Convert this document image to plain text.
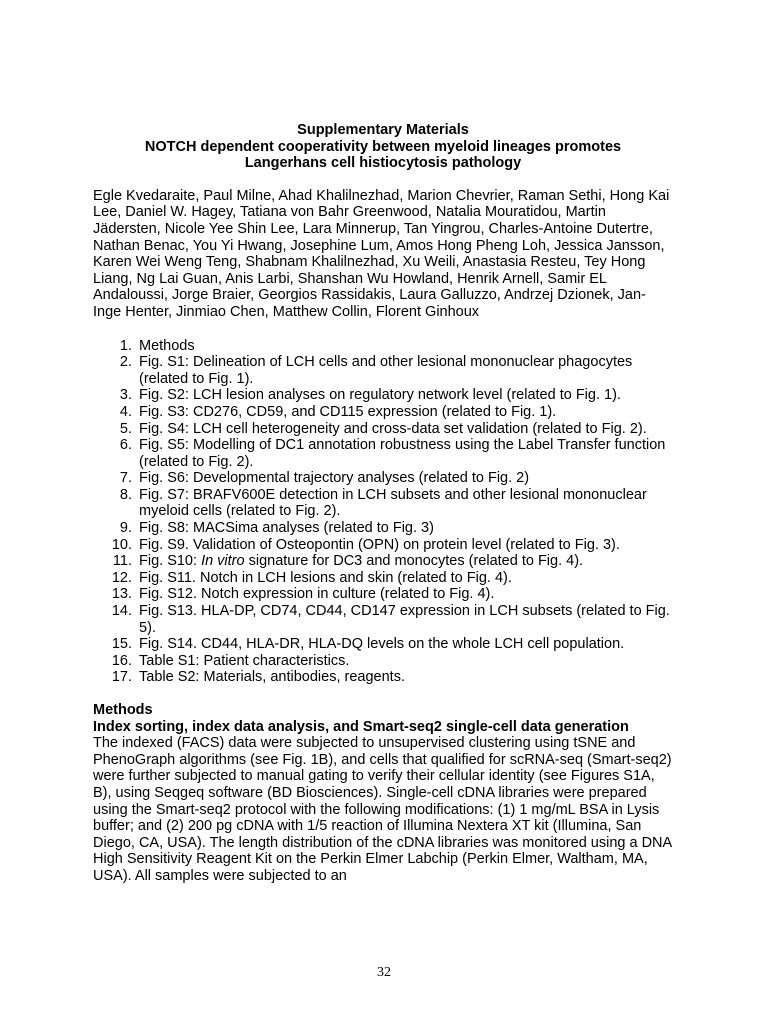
Supplementary Materials

NOTCH dependent cooperativity between myeloid lineages promotes

Langerhans cell histiocytosis pathology

Egle Kvedaraite, Paul Milne, Ahad Khalilnezhad, Marion Chevrier, Raman Sethi, Hong Kai Lee, Daniel W. Hagey, Tatiana von Bahr Greenwood, Natalia Mouratidou, Martin Jädersten, Nicole Yee Shin Lee, Lara Minnerup, Tan Yingrou, Charles-Antoine Dutertre, Nathan Benac, You Yi Hwang, Josephine Lum, Amos Hong Pheng Loh, Jessica Jansson, Karen Wei Weng Teng, Shabnam Khalilnezhad, Xu Weili, Anastasia Resteu, Tey Hong Liang, Ng Lai Guan, Anis Larbi, Shanshan Wu Howland, Henrik Arnell, Samir EL Andaloussi, Jorge Braier, Georgios Rassidakis, Laura Galluzzo, Andrzej Dzionek, Jan-Inge Henter, Jinmiao Chen, Matthew Collin, Florent Ginhoux

1. Methods
2. Fig. S1: Delineation of LCH cells and other lesional mononuclear phagocytes (related to Fig. 1).
3. Fig. S2: LCH lesion analyses on regulatory network level (related to Fig. 1).
4. Fig. S3: CD276, CD59, and CD115 expression (related to Fig. 1).
5. Fig. S4: LCH cell heterogeneity and cross-data set validation (related to Fig. 2).
6. Fig. S5: Modelling of DC1 annotation robustness using the Label Transfer function (related to Fig. 2).
7. Fig. S6: Developmental trajectory analyses (related to Fig. 2)
8. Fig. S7: BRAFV600E detection in LCH subsets and other lesional mononuclear myeloid cells (related to Fig. 2).
9. Fig. S8: MACSima analyses (related to Fig. 3)
10. Fig. S9. Validation of Osteopontin (OPN) on protein level (related to Fig. 3).
11. Fig. S10: In vitro signature for DC3 and monocytes (related to Fig. 4).
12. Fig. S11. Notch in LCH lesions and skin (related to Fig. 4).
13. Fig. S12. Notch expression in culture (related to Fig. 4).
14. Fig. S13. HLA-DP, CD74, CD44, CD147 expression in LCH subsets (related to Fig. 5).
15. Fig. S14. CD44, HLA-DR, HLA-DQ levels on the whole LCH cell population.
16. Table S1: Patient characteristics.
17. Table S2: Materials, antibodies, reagents.

Methods

Index sorting, index data analysis, and Smart-seq2 single-cell data generation

The indexed (FACS) data were subjected to unsupervised clustering using tSNE and PhenoGraph algorithms (see Fig. 1B), and cells that qualified for scRNA-seq (Smart-seq2) were further subjected to manual gating to verify their cellular identity (see Figures S1A, B), using Seqgeq software (BD Biosciences). Single-cell cDNA libraries were prepared using the Smart-seq2 protocol with the following modifications: (1) 1 mg/mL BSA in Lysis buffer; and (2) 200 pg cDNA with 1/5 reaction of Illumina Nextera XT kit (Illumina, San Diego, CA, USA). The length distribution of the cDNA libraries was monitored using a DNA High Sensitivity Reagent Kit on the Perkin Elmer Labchip (Perkin Elmer, Waltham, MA, USA). All samples were subjected to an

32
